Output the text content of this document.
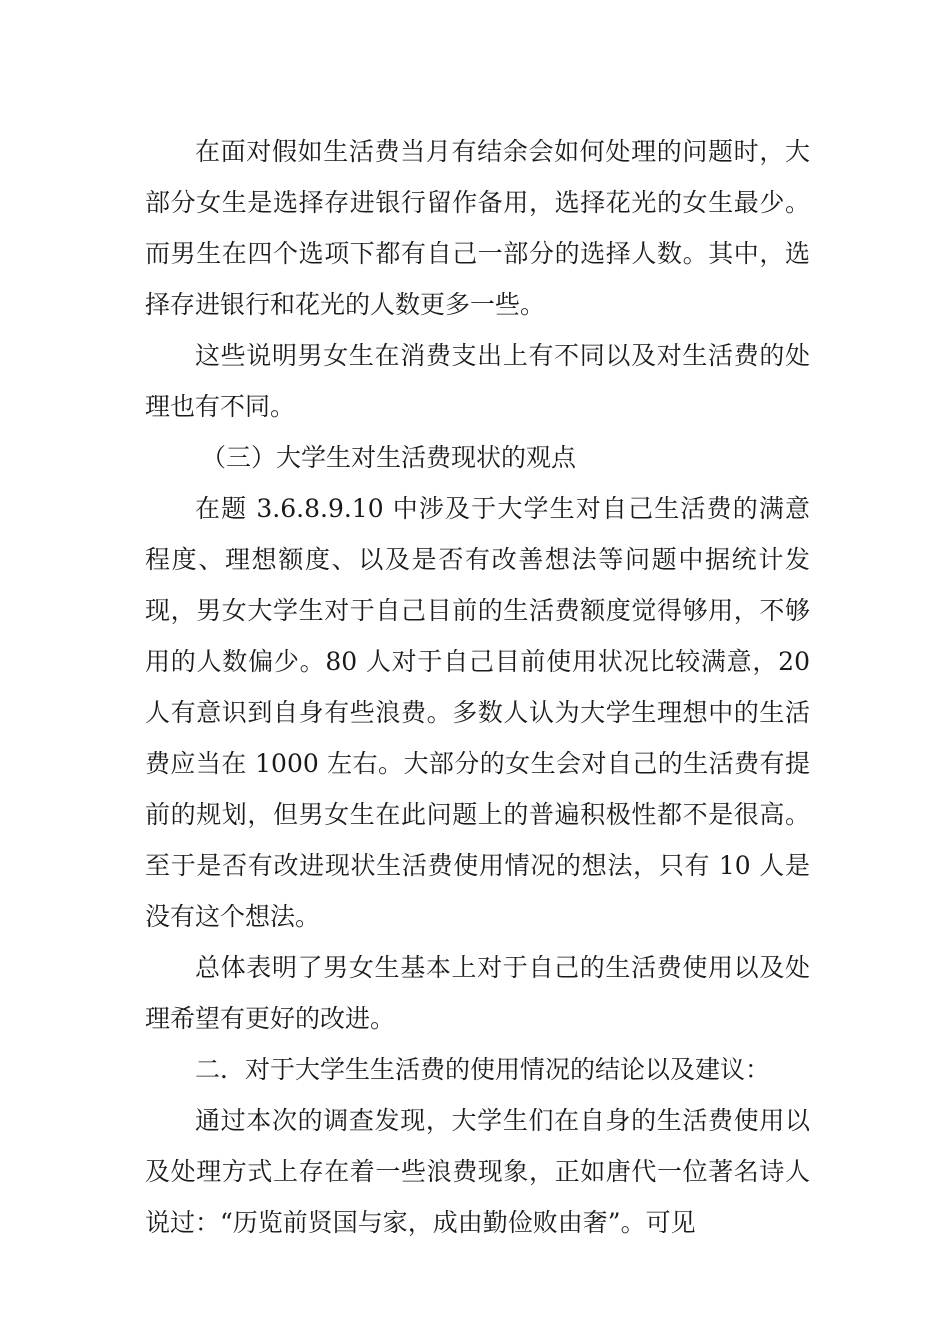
在面对假如生活费当月有结余会如何处理的问题时，大部分女生是选择存进银行留作备用，选择花光的女生最少。而男生在四个选项下都有自己一部分的选择人数。其中，选择存进银行和花光的人数更多一些。

这些说明男女生在消费支出上有不同以及对生活费的处理也有不同。

（三）大学生对生活费现状的观点

在题 3.6.8.9.10 中涉及于大学生对自己生活费的满意程度、理想额度、以及是否有改善想法等问题中据统计发现，男女大学生对于自己目前的生活费额度觉得够用，不够用的人数偏少。80 人对于自己目前使用状况比较满意，20 人有意识到自身有些浪费。多数人认为大学生理想中的生活费应当在 1000 左右。大部分的女生会对自己的生活费有提前的规划，但男女生在此问题上的普遍积极性都不是很高。至于是否有改进现状生活费使用情况的想法，只有 10 人是没有这个想法。

总体表明了男女生基本上对于自己的生活费使用以及处理希望有更好的改进。

二．对于大学生生活费的使用情况的结论以及建议：

通过本次的调查发现，大学生们在自身的生活费使用以及处理方式上存在着一些浪费现象，正如唐代一位著名诗人说过：“历览前贤国与家，成由勤俭败由奢”。可见
